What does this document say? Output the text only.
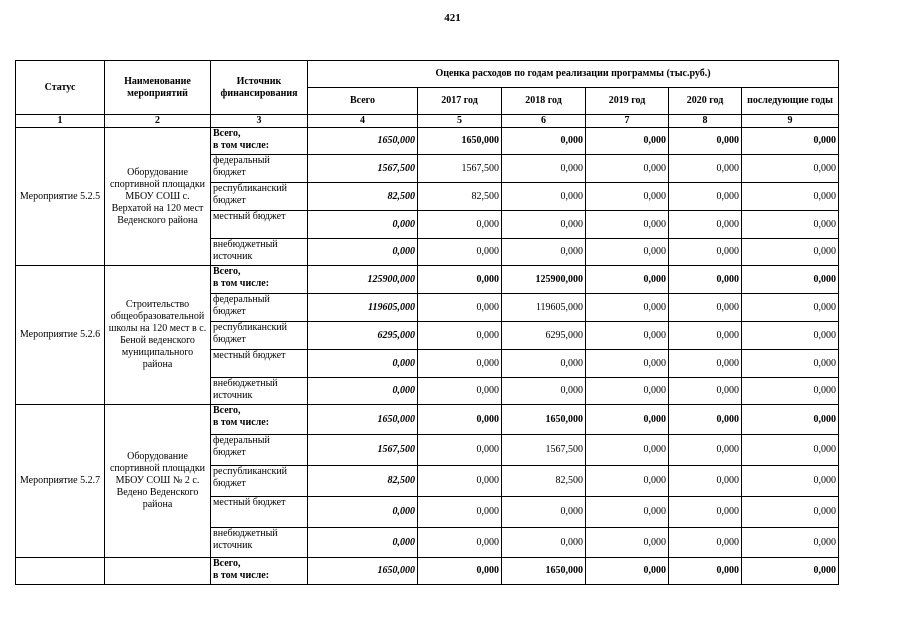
421
Статус	Наименование мероприятий	Источник финансирования	Оценка расходов по годам реализации программы (тыс.руб.)					
			Всего	2017 год	2018 год	2019 год	2020 год	последующие годы
1	2	3	4	5	6	7	8	9
Мероприятие 5.2.5	Оборудование спортивной площадки МБОУ СОШ с. Верхатой на 120 мест Веденского района	Всего,
в том числе:	1650,000	1650,000	0,000	0,000	0,000	0,000
		федеральный бюджет	1567,500	1567,500	0,000	0,000	0,000	0,000
		республиканский бюджет	82,500	82,500	0,000	0,000	0,000	0,000
		местный бюджет	0,000	0,000	0,000	0,000	0,000	0,000
		внебюджетный источник	0,000	0,000	0,000	0,000	0,000	0,000
Мероприятие 5.2.6	Строительство общеобразовательной школы на 120 мест в с. Беной веденского муниципального района	Всего,
в том числе:	125900,000	0,000	125900,000	0,000	0,000	0,000
		федеральный бюджет	119605,000	0,000	119605,000	0,000	0,000	0,000
		республиканский бюджет	6295,000	0,000	6295,000	0,000	0,000	0,000
		местный бюджет	0,000	0,000	0,000	0,000	0,000	0,000
		внебюджетный источник	0,000	0,000	0,000	0,000	0,000	0,000
Мероприятие 5.2.7	Оборудование спортивной площадки МБОУ СОШ № 2 с. Ведено Веденского района	Всего,
в том числе:	1650,000	0,000	1650,000	0,000	0,000	0,000
		федеральный бюджет	1567,500	0,000	1567,500	0,000	0,000	0,000
		республиканский бюджет	82,500	0,000	82,500	0,000	0,000	0,000
		местный бюджет	0,000	0,000	0,000	0,000	0,000	0,000
		внебюджетный источник	0,000	0,000	0,000	0,000	0,000	0,000
		Всего,
в том числе:	1650,000	0,000	1650,000	0,000	0,000	0,000
